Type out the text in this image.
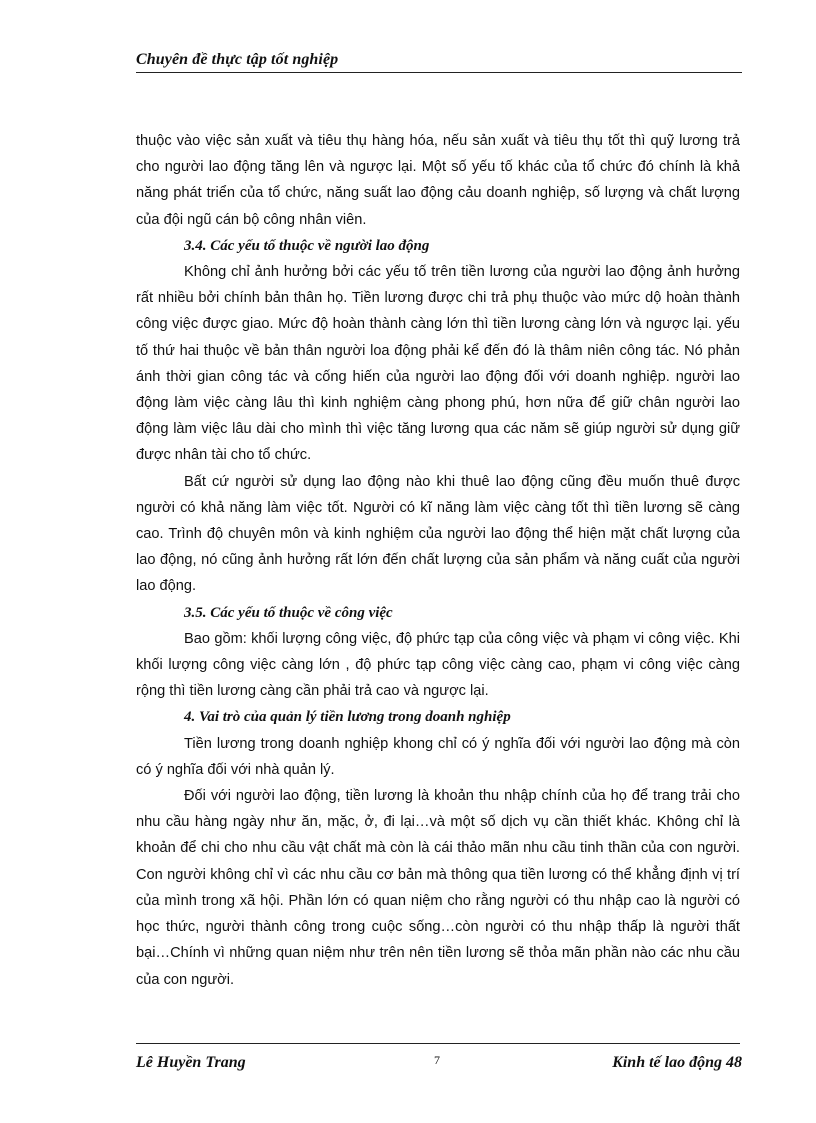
Chuyên đề thực tập tốt nghiệp

thuộc vào việc sản xuất và tiêu thụ hàng hóa, nếu sản xuất và tiêu thụ tốt thì quỹ lương trả cho người lao động tăng lên và ngược lại. Một số yếu tố khác của tổ chức đó chính là khả năng phát triển của tổ chức, năng suất lao động cảu doanh nghiệp, số lượng và chất lượng của đội ngũ cán bộ công nhân viên.

3.4. Các yếu tố thuộc về người lao động

Không chỉ ảnh hưởng bởi các yếu tố trên tiền lương của người lao động ảnh hưởng rất nhiều bởi chính bản thân họ. Tiền lương được chi trả phụ thuộc vào mức dộ hoàn thành công việc được giao. Mức độ hoàn thành càng lớn thì tiền lương càng lớn và ngược lại. yếu tố thứ hai thuộc về bản thân người loa động phải kể đến đó là thâm niên công tác. Nó phản ánh thời gian công tác và cống hiến của người lao động đối với doanh nghiệp. người lao động làm việc càng lâu thì kinh nghiệm càng phong phú, hơn nữa để giữ chân người lao động làm việc lâu dài cho mình thì việc tăng lương qua các năm sẽ giúp người sử dụng giữ được nhân tài cho tổ chức.

Bất cứ người sử dụng lao động nào khi thuê lao động cũng đều muốn thuê được người có khả năng làm việc tốt. Người có kĩ năng làm việc càng tốt thì tiền lương sẽ càng cao. Trình độ chuyên môn và kinh nghiệm của người lao động thể hiện mặt chất lượng của lao động, nó cũng ảnh hưởng rất lớn đến chất lượng của sản phẩm và năng cuất của người lao động.

3.5. Các yếu tố thuộc về công việc

Bao gồm: khối lượng công việc, độ phức tạp của công việc và phạm vi công việc. Khi khối lượng công việc càng lớn , độ phức tạp công việc càng cao, phạm vi công việc càng rộng thì tiền lương càng cần phải trả cao và ngược lại.

4. Vai trò của quản lý tiền lương trong doanh nghiệp

Tiền lương trong doanh nghiệp khong chỉ có ý nghĩa đối với người lao động mà còn có ý nghĩa đối với nhà quản lý.

Đối với người lao động, tiền lương là khoản thu nhập chính của họ để trang trải cho nhu cầu hàng ngày như ăn, mặc, ở, đi lại…và một số dịch vụ cần thiết khác. Không chỉ là khoản để chi cho nhu cầu vật chất mà còn là cái thảo mãn nhu cầu tinh thần của con người. Con người không chỉ vì các nhu cầu cơ bản mà thông qua tiền lương có thể khẳng định vị trí của mình trong xã hội. Phần lớn có quan niệm cho rằng người có thu nhập cao là người có học thức, người thành công trong cuộc sống…còn người có thu nhập thấp là người thất bại…Chính vì những quan niệm như trên nên tiền lương sẽ thỏa mãn phần nào các nhu cầu của con người.

Lê Huyền Trang	7	Kinh tế lao động 48
